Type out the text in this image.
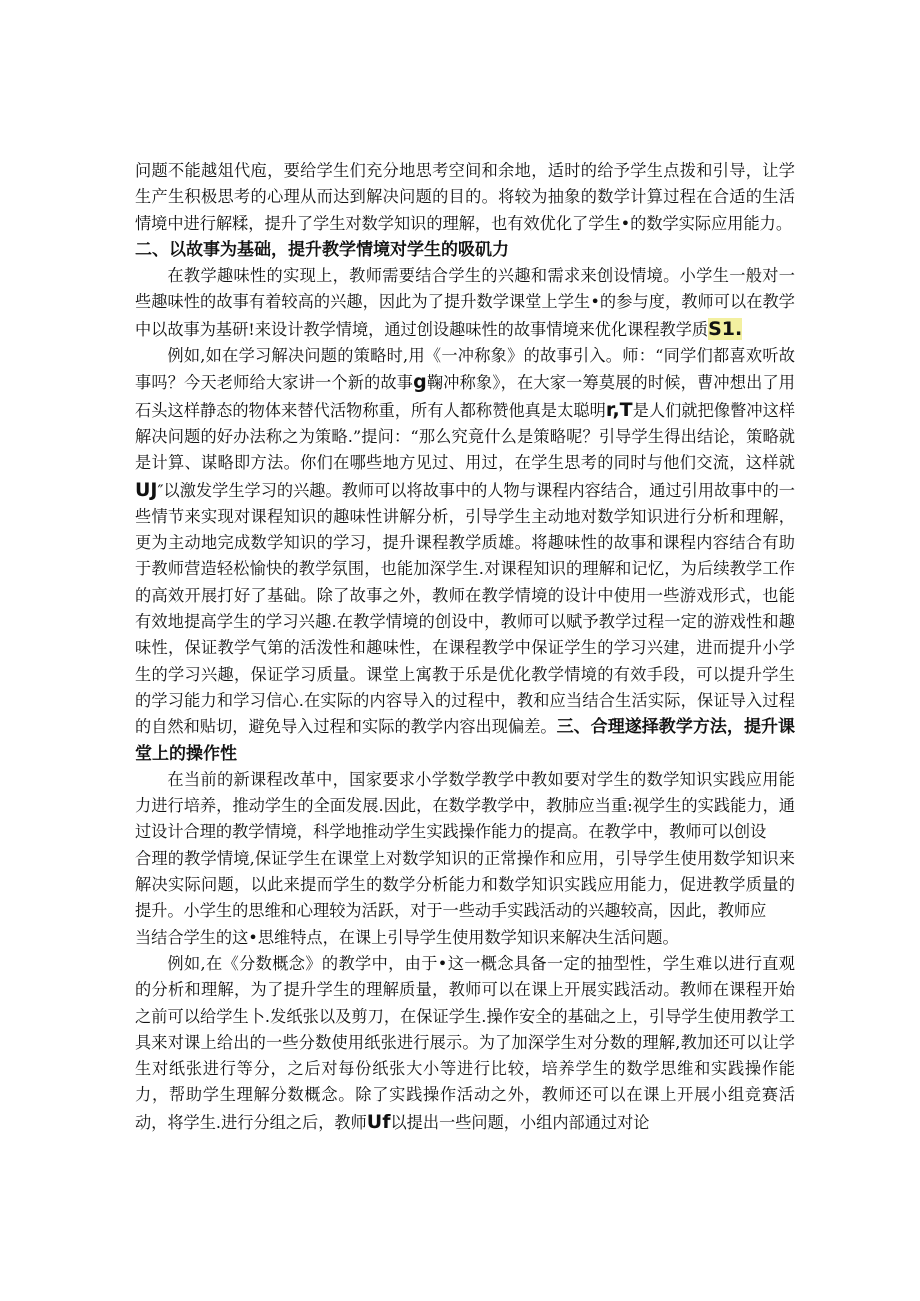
问题不能越俎代庖，要给学生们充分地思考空间和余地，适时的给予学生点拨和引导，让学生产生积极思考的心理从而达到解决问题的目的。将较为抽象的数学计算过程在合适的生活情境中进行解糅，提升了学生对数学知识的理解，也有效优化了学生•的数学实际应用能力。

二、以故事为基础，提升教学情境对学生的吸矶力

在教学趣味性的实现上，教师需要结合学生的兴趣和需求来创设情境。小学生一般对一些趣味性的故事有着较高的兴趣，因此为了提升数学课堂上学生•的参与度，教师可以在教学中以故事为基研!来设计教学情境，通过创设趣味性的故事情境来优化课程教学质S1.

例如,如在学习解决问题的策略时,用《一冲称象》的故事引入。师：“同学们都喜欢听故事吗？今天老师给大家讲一个新的故事g鞠冲称象》，在大家一筹莫展的时候，曹冲想出了用石头这样静态的物体来替代活物称重，所有人都称赞他真是太聪明r,T是人们就把像瞥冲这样解决问题的好办法称之为策略.”提问：“那么究竟什么是策略呢？引导学生得出结论，策略就是计算、谋略即方法。你们在哪些地方见过、用过，在学生思考的同时与他们交流，这样就UJ″以激发学生学习的兴趣。教师可以将故事中的人物与课程内容结合，通过引用故事中的一些情节来实现对课程知识的趣味性讲解分析，引导学生主动地对数学知识进行分析和理解，更为主动地完成数学知识的学习，提升课程教学质雄。将趣味性的故事和课程内容结合有助于教师营造轻松愉快的教学氛围，也能加深学生.对课程知识的理解和记忆，为后续教学工作的高效开展打好了基础。除了故事之外，教师在教学情境的设计中使用一些游戏形式，也能有效地提高学生的学习兴趣.在教学情境的创设中，教师可以赋予教学过程一定的游戏性和趣味性，保证教学气第的活泼性和趣味性，在课程教学中保证学生的学习兴建，进而提升小学生的学习兴趣，保证学习质量。课堂上寓教于乐是优化教学情境的有效手段，可以提升学生的学习能力和学习信心.在实际的内容导入的过程中，教和应当结合生活实际，保证导入过程的自然和贴切，避免导入过程和实际的教学内容出现偏差。三、合理遂择教学方法，提升课堂上的操作性

在当前的新课程改革中，国家要求小学数学教学中教如要对学生的数学知识实践应用能力进行培养，推动学生的全面发展.因此，在数学教学中，教肺应当重:视学生的实践能力，通过设计合理的教学情境，科学地推动学生实践操作能力的提高。在教学中，教师可以创设

合理的教学情境,保证学生在课堂上对数学知识的正常操作和应用，引导学生使用数学知识来解决实际问题，以此来提而学生的数学分析能力和数学知识实践应用能力，促进教学质量的提升。小学生的思维和心理较为活跃，对于一些动手实践活动的兴趣较高，因此，教师应

当结合学生的这•思维特点，在课上引导学生使用数学知识来解决生活问题。

例如,在《分数概念》的教学中，由于•这一概念具备一定的抽型性，学生难以进行直观的分析和理解，为了提升学生的理解质量，教师可以在课上开展实践活动。教师在课程开始之前可以给学生卜.发纸张以及剪刀，在保证学生.操作安全的基础之上，引导学生使用教学工具来对课上给出的一些分数使用纸张进行展示。为了加深学生对分数的理解,教加还可以让学生对纸张进行等分，之后对每份纸张大小等进行比较，培养学生的数学思维和实践操作能力，帮助学生理解分数概念。除了实践操作活动之外，教师还可以在课上开展小组竞赛活动，将学生.进行分组之后，教师Uf以提出一些问题，小组内部通过对论
